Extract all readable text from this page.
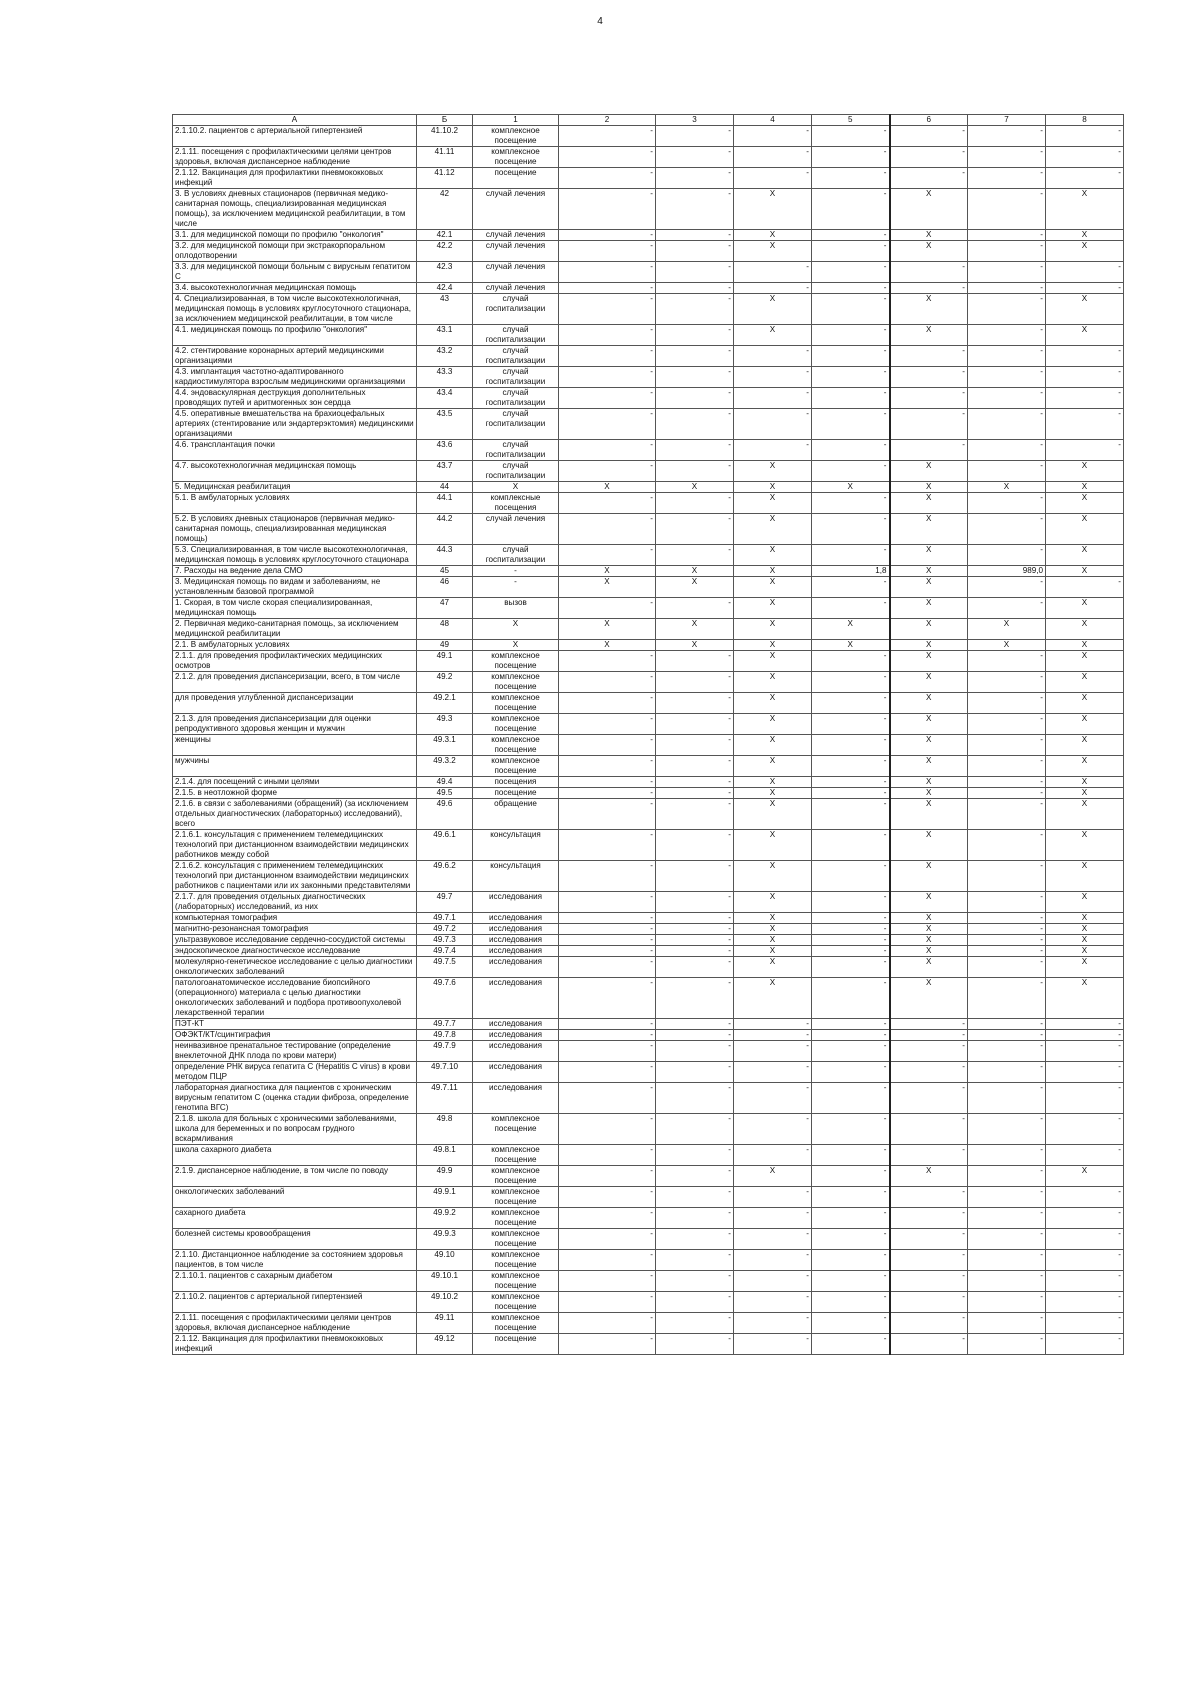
4
А	Б	1	2	3	4	5	6	7	8
2.1.10.2. пациентов с артериальной гипертензией	41.10.2	комплексное посещение	-	-	-	-	-	-	-
2.1.11. посещения с профилактическими целями центров здоровья, включая диспансерное наблюдение	41.11	комплексное посещение	-	-	-	-	-	-	-
2.1.12. Вакцинация для профилактики пневмококковых инфекций	41.12	посещение	-	-	-	-	-	-	-
3. В условиях дневных стационаров (первичная медико-санитарная помощь, специализированная медицинская помощь), за исключением медицинской реабилитации, в том числе	42	случай лечения	-	-	X	-	X	-	X
3.1. для медицинской помощи по профилю "онкология"	42.1	случай лечения	-	-	X	-	X	-	X
3.2. для медицинской помощи при экстракорпоральном оплодотворении	42.2	случай лечения	-	-	X	-	X	-	X
3.3. для медицинской помощи больным с вирусным гепатитом С	42.3	случай лечения	-	-	-	-	-	-	-
3.4. высокотехнологичная медицинская помощь	42.4	случай лечения	-	-	-	-	-	-	-
4. Специализированная, в том числе высокотехнологичная, медицинская помощь в условиях круглосуточного стационара, за исключением медицинской реабилитации, в том числе	43	случай госпитализации	-	-	X	-	X	-	X
4.1. медицинская помощь по профилю "онкология"	43.1	случай госпитализации	-	-	X	-	X	-	X
4.2. стентирование коронарных артерий медицинскими организациями	43.2	случай госпитализации	-	-	-	-	-	-	-
4.3. имплантация частотно-адаптированного кардиостимулятора взрослым медицинскими организациями	43.3	случай госпитализации	-	-	-	-	-	-	-
4.4. эндоваскулярная деструкция дополнительных проводящих путей и аритмогенных зон сердца	43.4	случай госпитализации	-	-	-	-	-	-	-
4.5. оперативные вмешательства на брахиоцефальных артериях (стентирование или эндартерэктомия) медицинскими организациями	43.5	случай госпитализации	-	-	-	-	-	-	-
4.6. трансплантация почки	43.6	случай госпитализации	-	-	-	-	-	-	-
4.7. высокотехнологичная медицинская помощь	43.7	случай госпитализации	-	-	X	-	X	-	X
5. Медицинская реабилитация	44	X	X	X	X	X	X	X	X
5.1. В амбулаторных условиях	44.1	комплексные посещения	-	-	X	-	X	-	X
5.2. В условиях дневных стационаров (первичная медико-санитарная помощь, специализированная медицинская помощь)	44.2	случай лечения	-	-	X	-	X	-	X
5.3. Специализированная, в том числе высокотехнологичная, медицинская помощь в условиях круглосуточного стационара	44.3	случай госпитализации	-	-	X	-	X	-	X
7. Расходы на ведение дела СМО	45	-	X	X	X	1,8	X	989,0	X
3. Медицинская помощь по видам и заболеваниям, не установленным базовой программой	46	-	X	X	X	-	X	-	-
1. Скорая, в том числе скорая специализированная, медицинская помощь	47	вызов	-	-	X	-	X	-	X
2. Первичная медико-санитарная помощь, за исключением медицинской реабилитации	48	X	X	X	X	X	X	X	X
2.1. В амбулаторных условиях	49	X	X	X	X	X	X	X	X
2.1.1. для проведения профилактических медицинских осмотров	49.1	комплексное посещение	-	-	X	-	X	-	X
2.1.2. для проведения диспансеризации, всего, в том числе	49.2	комплексное посещение	-	-	X	-	X	-	X
для проведения углубленной диспансеризации	49.2.1	комплексное посещение	-	-	X	-	X	-	X
2.1.3. для проведения диспансеризации для оценки репродуктивного здоровья женщин и мужчин	49.3	комплексное посещение	-	-	X	-	X	-	X
женщины	49.3.1	комплексное посещение	-	-	X	-	X	-	X
мужчины	49.3.2	комплексное посещение	-	-	X	-	X	-	X
2.1.4. для посещений с иными целями	49.4	посещения	-	-	X	-	X	-	X
2.1.5. в неотложной форме	49.5	посещение	-	-	X	-	X	-	X
2.1.6. в связи с заболеваниями (обращений) (за исключением отдельных диагностических (лабораторных) исследований), всего	49.6	обращение	-	-	X	-	X	-	X
2.1.6.1. консультация с применением телемедицинских технологий при дистанционном взаимодействии медицинских работников между собой	49.6.1	консультация	-	-	X	-	X	-	X
2.1.6.2. консультация с применением телемедицинских технологий при дистанционном взаимодействии медицинских работников с пациентами или их законными представителями	49.6.2	консультация	-	-	X	-	X	-	X
2.1.7. для проведения отдельных диагностических (лабораторных) исследований, из них	49.7	исследования	-	-	X	-	X	-	X
компьютерная томография	49.7.1	исследования	-	-	X	-	X	-	X
магнитно-резонансная томография	49.7.2	исследования	-	-	X	-	X	-	X
ультразвуковое исследование сердечно-сосудистой системы	49.7.3	исследования	-	-	X	-	X	-	X
эндоскопическое диагностическое исследование	49.7.4	исследования	-	-	X	-	X	-	X
молекулярно-генетическое исследование с целью диагностики онкологических заболеваний	49.7.5	исследования	-	-	X	-	X	-	X
патологоанатомическое исследование биопсийного (операционного) материала с целью диагностики онкологических заболеваний и подбора противоопухолевой лекарственной терапии	49.7.6	исследования	-	-	X	-	X	-	X
ПЭТ-КТ	49.7.7	исследования	-	-	-	-	-	-	-
ОФЭКТ/КТ/сцинтиграфия	49.7.8	исследования	-	-	-	-	-	-	-
неинвазивное пренатальное тестирование (определение внеклеточной ДНК плода по крови матери)	49.7.9	исследования	-	-	-	-	-	-	-
определение РНК вируса гепатита С (Hepatitis C virus) в крови методом ПЦР	49.7.10	исследования	-	-	-	-	-	-	-
лабораторная диагностика для пациентов с хроническим вирусным гепатитом С (оценка стадии фиброза, определение генотипа ВГС)	49.7.11	исследования	-	-	-	-	-	-	-
2.1.8. школа для больных с хроническими заболеваниями, школа для беременных и по вопросам грудного вскармливания	49.8	комплексное посещение	-	-	-	-	-	-	-
школа сахарного диабета	49.8.1	комплексное посещение	-	-	-	-	-	-	-
2.1.9. диспансерное наблюдение, в том числе по поводу	49.9	комплексное посещение	-	-	X	-	X	-	X
онкологических заболеваний	49.9.1	комплексное посещение	-	-	-	-	-	-	-
сахарного диабета	49.9.2	комплексное посещение	-	-	-	-	-	-	-
болезней системы кровообращения	49.9.3	комплексное посещение	-	-	-	-	-	-	-
2.1.10. Дистанционное наблюдение за состоянием здоровья пациентов, в том числе	49.10	комплексное посещение	-	-	-	-	-	-	-
2.1.10.1. пациентов с сахарным диабетом	49.10.1	комплексное посещение	-	-	-	-	-	-	-
2.1.10.2. пациентов с артериальной гипертензией	49.10.2	комплексное посещение	-	-	-	-	-	-	-
2.1.11. посещения с профилактическими целями центров здоровья, включая диспансерное наблюдение	49.11	комплексное посещение	-	-	-	-	-	-	-
2.1.12. Вакцинация для профилактики пневмококковых инфекций	49.12	посещение	-	-	-	-	-	-	-
